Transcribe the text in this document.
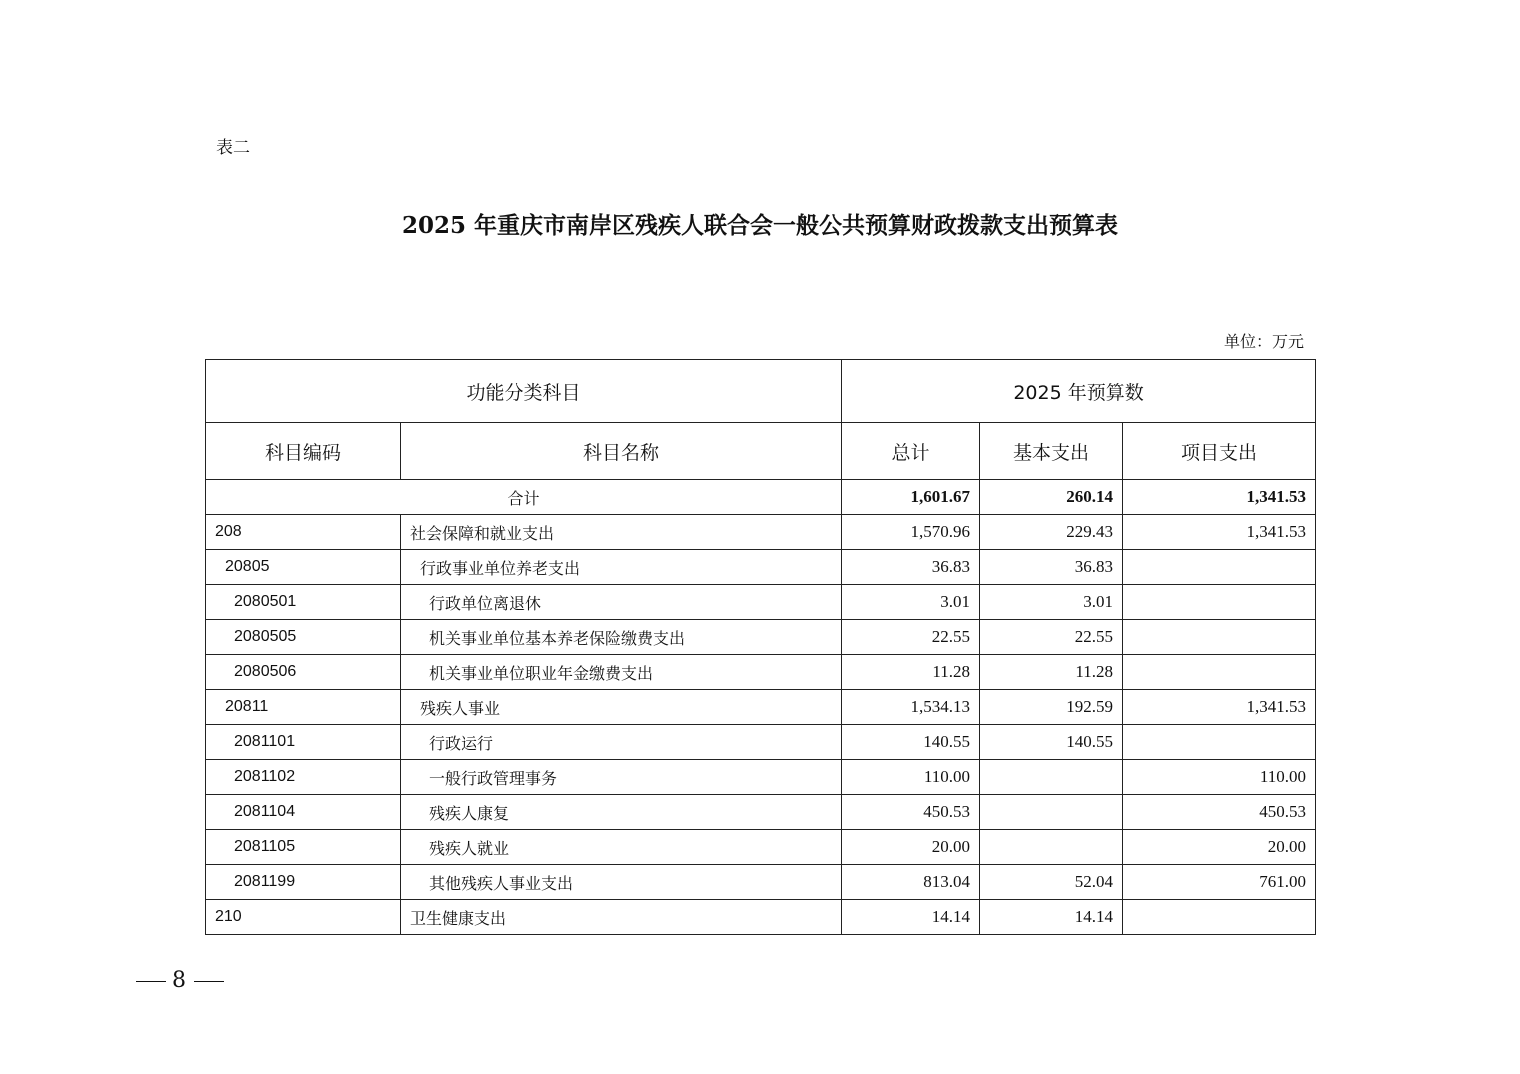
表二
2025 年重庆市南岸区残疾人联合会一般公共预算财政拨款支出预算表
单位：万元
功能分类科目		2025 年预算数		
科目编码	科目名称	总计	基本支出	项目支出
合计		1,601.67	260.14	1,341.53
208	社会保障和就业支出	1,570.96	229.43	1,341.53
20805	行政事业单位养老支出	36.83	36.83	
2080501	行政单位离退休	3.01	3.01	
2080505	机关事业单位基本养老保险缴费支出	22.55	22.55	
2080506	机关事业单位职业年金缴费支出	11.28	11.28	
20811	残疾人事业	1,534.13	192.59	1,341.53
2081101	行政运行	140.55	140.55	
2081102	一般行政管理事务	110.00		110.00
2081104	残疾人康复	450.53		450.53
2081105	残疾人就业	20.00		20.00
2081199	其他残疾人事业支出	813.04	52.04	761.00
210	卫生健康支出	14.14	14.14	
8
